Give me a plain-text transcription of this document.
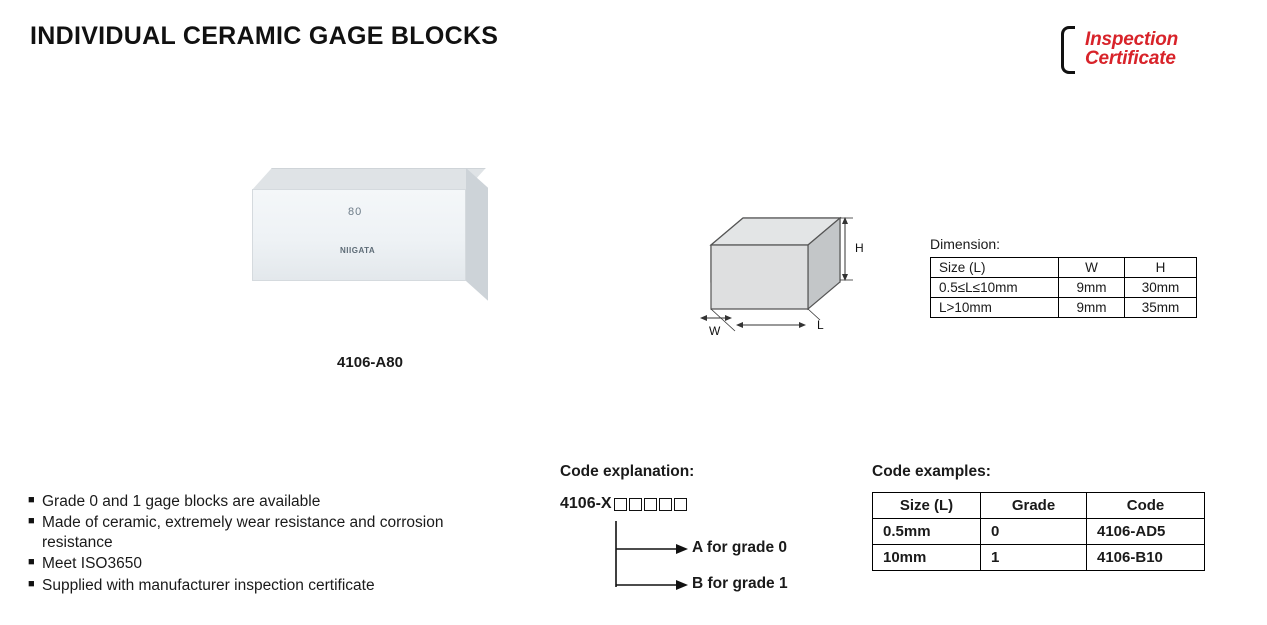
INDIVIDUAL CERAMIC GAGE BLOCKS	Inspection
Certificate
80
NIIGATA
4106-A80
H
L
W
Dimension:
Size (L)	W	H
0.5≤L≤10mm	9mm	30mm
L>10mm	9mm	35mm
■ Grade 0 and 1 gage blocks are available
■ Made of ceramic, extremely wear resistance and corrosion resistance
■ Meet ISO3650
■ Supplied with manufacturer inspection certificate
Code explanation:
4106- X
A for grade 0
B for grade 1
Code examples:
Size (L)	Grade	Code
0.5mm	0	4106-AD5
10mm	1	4106-B10
